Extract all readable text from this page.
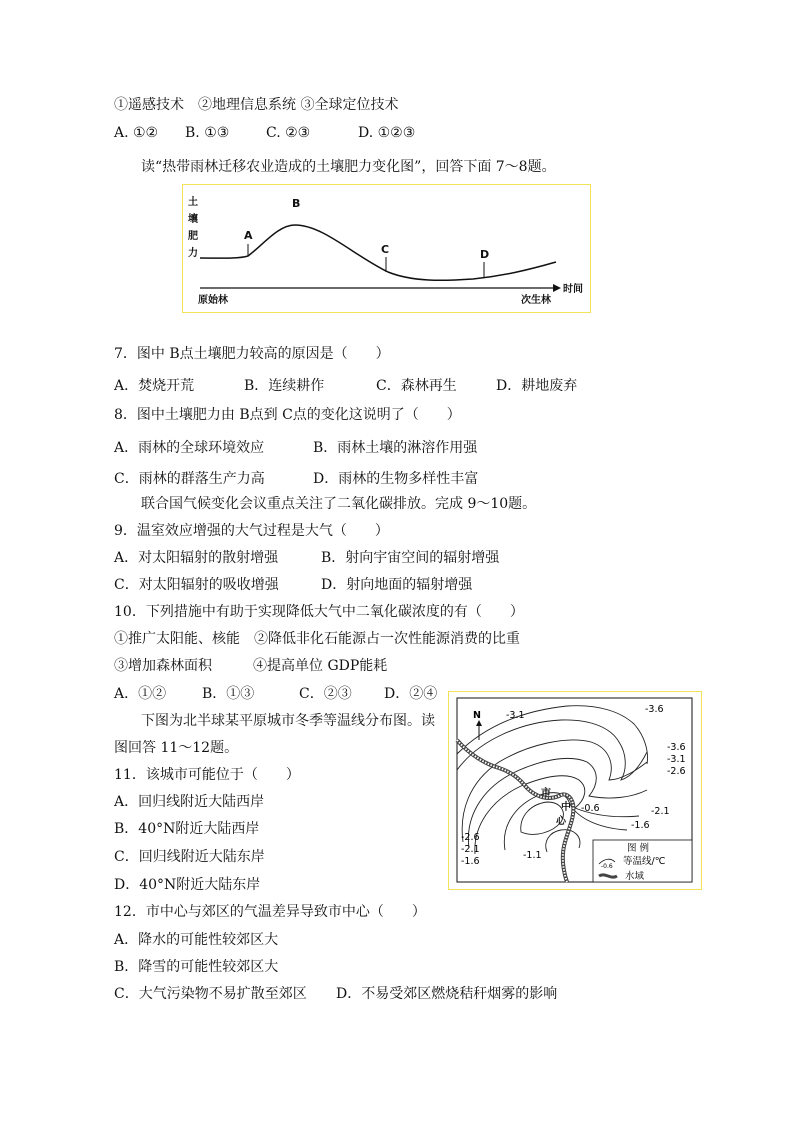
①遥感技术　②地理信息系统 ③全球定位技术
A. ①② B. ①③	C. ②③	D. ①②③
读“热带雨林迁移农业造成的土壤肥力变化图”，回答下面 7～8题。
土
壤
肥
力
A
B
C	D
原始林	次生林
时间
7．图中 B点土壤肥力较高的原因是（　　）
A．焚烧开荒	B．连续耕作	C．森林再生	D．耕地废弃
8．图中土壤肥力由 B点到 C点的变化这说明了（　　）
A．雨林的全球环境效应	B．雨林土壤的淋溶作用强
C．雨林的群落生产力高	D．雨林的生物多样性丰富
联合国气候变化会议重点关注了二氧化碳排放。完成 9～10题。
9．温室效应增强的大气过程是大气（　　）
A．对太阳辐射的散射增强	B．射向宇宙空间的辐射增强
C．对太阳辐射的吸收增强	D．射向地面的辐射增强
10．下列措施中有助于实现降低大气中二氧化碳浓度的有（　　）
①推广太阳能、核能　②降低非化石能源占一次性能源消费的比重
③增加森林面积	④提高单位 GDP能耗
A．①②	B．①③	C．②③ D．②④
下图为北半球某平原城市冬季等温线分布图。读
图回答 11～12题。
11．该城市可能位于（　　）
A．回归线附近大陆西岸
B．40°N附近大陆西岸
C．回归线附近大陆东岸
D．40°N附近大陆东岸
12．市中心与郊区的气温差异导致市中心（　　）
A．降水的可能性较郊区大
B．降雪的可能性较郊区大
C．大气污染物不易扩散至郊区 D．不易受郊区燃烧秸秆烟雾的影响
N
市
中
心
-0.6
-3.1
-3.6
-3.6
-3.1
-2.6
-2.1
-1.6
-2.6
-2.1
-1.6
-1.1
图 例
-0.6 等温线/℃
水域
